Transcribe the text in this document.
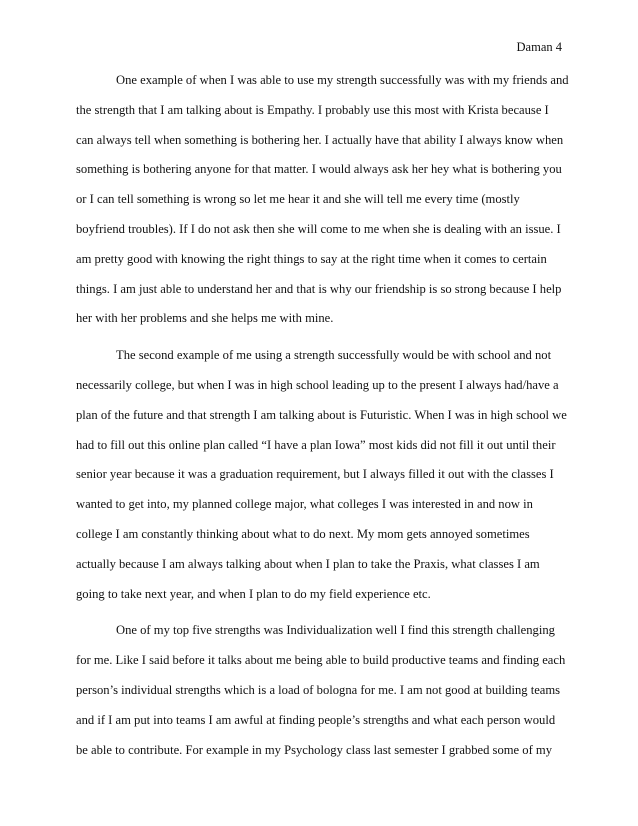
Daman 4
One example of when I was able to use my strength successfully was with my friends and
the strength that I am talking about is Empathy. I probably use this most with Krista because I
can always tell when something is bothering her. I actually have that ability I always know when
something is bothering anyone for that matter. I would always ask her hey what is bothering you
or I can tell something is wrong so let me hear it and she will tell me every time (mostly
boyfriend troubles). If I do not ask then she will come to me when she is dealing with an issue. I
am pretty good with knowing the right things to say at the right time when it comes to certain
things. I am just able to understand her and that is why our friendship is so strong because I help
her with her problems and she helps me with mine.
The second example of me using a strength successfully would be with school and not
necessarily college, but when I was in high school leading up to the present I always had/have a
plan of the future and that strength I am talking about is Futuristic. When I was in high school we
had to fill out this online plan called “I have a plan Iowa” most kids did not fill it out until their
senior year because it was a graduation requirement, but I always filled it out with the classes I
wanted to get into, my planned college major, what colleges I was interested in and now in
college I am constantly thinking about what to do next. My mom gets annoyed sometimes
actually because I am always talking about when I plan to take the Praxis, what classes I am
going to take next year, and when I plan to do my field experience etc.
One of my top five strengths was Individualization well I find this strength challenging
for me. Like I said before it talks about me being able to build productive teams and finding each
person’s individual strengths which is a load of bologna for me. I am not good at building teams
and if I am put into teams I am awful at finding people’s strengths and what each person would
be able to contribute. For example in my Psychology class last semester I grabbed some of my
